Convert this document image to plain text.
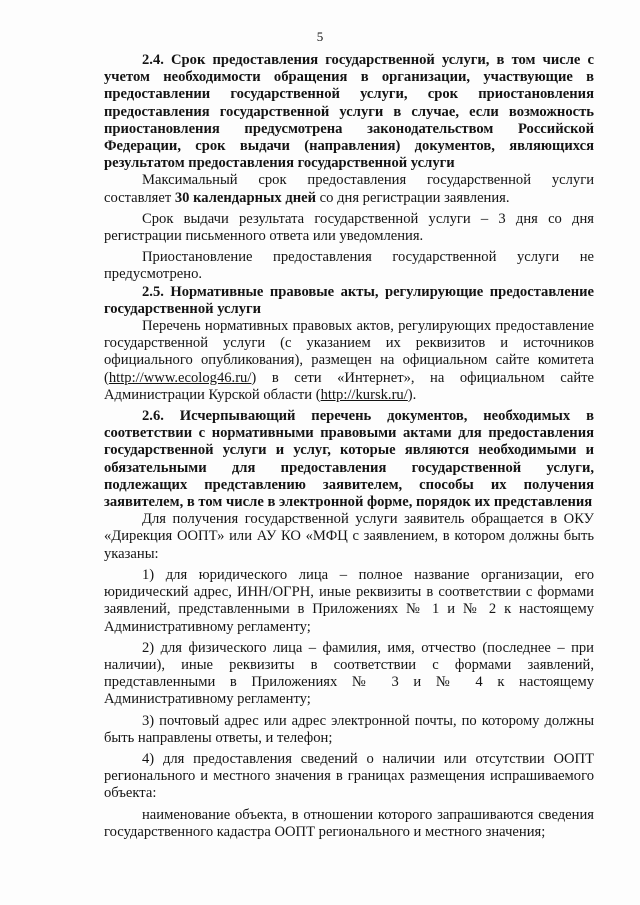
5

2.4. Срок предоставления государственной услуги, в том числе с учетом необходимости обращения в организации, участвующие в предоставлении государственной услуги, срок приостановления предоставления государственной услуги в случае, если возможность приостановления предусмотрена законодательством Российской Федерации, срок выдачи (направления) документов, являющихся результатом предоставления государственной услуги

Максимальный срок предоставления государственной услуги составляет 30 календарных дней со дня регистрации заявления.

Срок выдачи результата государственной услуги – 3 дня со дня регистрации письменного ответа или уведомления.

Приостановление предоставления государственной услуги не предусмотрено.

2.5. Нормативные правовые акты, регулирующие предоставление государственной услуги

Перечень нормативных правовых актов, регулирующих предоставление государственной услуги (с указанием их реквизитов и источников официального опубликования), размещен на официальном сайте комитета (http://www.ecolog46.ru/) в сети «Интернет», на официальном сайте Администрации Курской области (http://kursk.ru/).

2.6. Исчерпывающий перечень документов, необходимых в соответствии с нормативными правовыми актами для предоставления государственной услуги и услуг, которые являются необходимыми и обязательными для предоставления государственной услуги, подлежащих представлению заявителем, способы их получения заявителем, в том числе в электронной форме, порядок их представления

Для получения государственной услуги заявитель обращается в ОКУ «Дирекция ООПТ» или АУ КО «МФЦ с заявлением, в котором должны быть указаны:

1) для юридического лица – полное название организации, его юридический адрес, ИНН/ОГРН, иные реквизиты в соответствии с формами заявлений, представленными в Приложениях № 1 и № 2 к настоящему Административному регламенту;

2) для физического лица – фамилия, имя, отчество (последнее – при наличии), иные реквизиты в соответствии с формами заявлений, представленными в Приложениях № 3 и № 4 к настоящему Административному регламенту;

3) почтовый адрес или адрес электронной почты, по которому должны быть направлены ответы, и телефон;

4) для предоставления сведений о наличии или отсутствии ООПТ регионального и местного значения в границах размещения испрашиваемого объекта:

наименование объекта, в отношении которого запрашиваются сведения государственного кадастра ООПТ регионального и местного значения;
